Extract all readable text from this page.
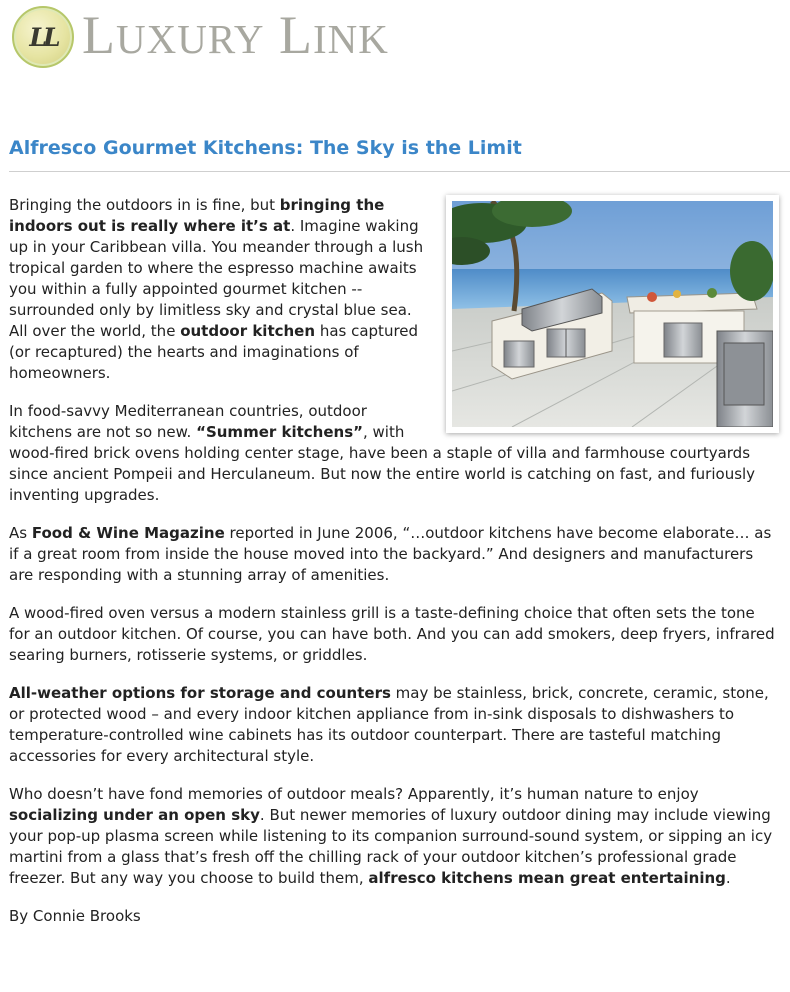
LL LUXURY LINK
Alfresco Gourmet Kitchens: The Sky is the Limit

Bringing the outdoors in is fine, but bringing the indoors out is really where it’s at. Imagine waking up in your Caribbean villa. You meander through a lush tropical garden to where the espresso machine awaits you within a fully appointed gourmet kitchen -- surrounded only by limitless sky and crystal blue sea. All over the world, the outdoor kitchen has captured (or recaptured) the hearts and imaginations of homeowners.

In food-savvy Mediterranean countries, outdoor kitchens are not so new. “Summer kitchens”, with wood-fired brick ovens holding center stage, have been a staple of villa and farmhouse courtyards since ancient Pompeii and Herculaneum. But now the entire world is catching on fast, and furiously inventing upgrades.

As Food & Wine Magazine reported in June 2006, “…outdoor kitchens have become elaborate… as if a great room from inside the house moved into the backyard.” And designers and manufacturers are responding with a stunning array of amenities.

A wood-fired oven versus a modern stainless grill is a taste-defining choice that often sets the tone for an outdoor kitchen. Of course, you can have both. And you can add smokers, deep fryers, infrared searing burners, rotisserie systems, or griddles.

All-weather options for storage and counters may be stainless, brick, concrete, ceramic, stone, or protected wood – and every indoor kitchen appliance from in-sink disposals to dishwashers to temperature-controlled wine cabinets has its outdoor counterpart. There are tasteful matching accessories for every architectural style.

Who doesn’t have fond memories of outdoor meals? Apparently, it’s human nature to enjoy socializing under an open sky. But newer memories of luxury outdoor dining may include viewing your pop-up plasma screen while listening to its companion surround-sound system, or sipping an icy martini from a glass that’s fresh off the chilling rack of your outdoor kitchen’s professional grade freezer. But any way you choose to build them, alfresco kitchens mean great entertaining.

By Connie Brooks
